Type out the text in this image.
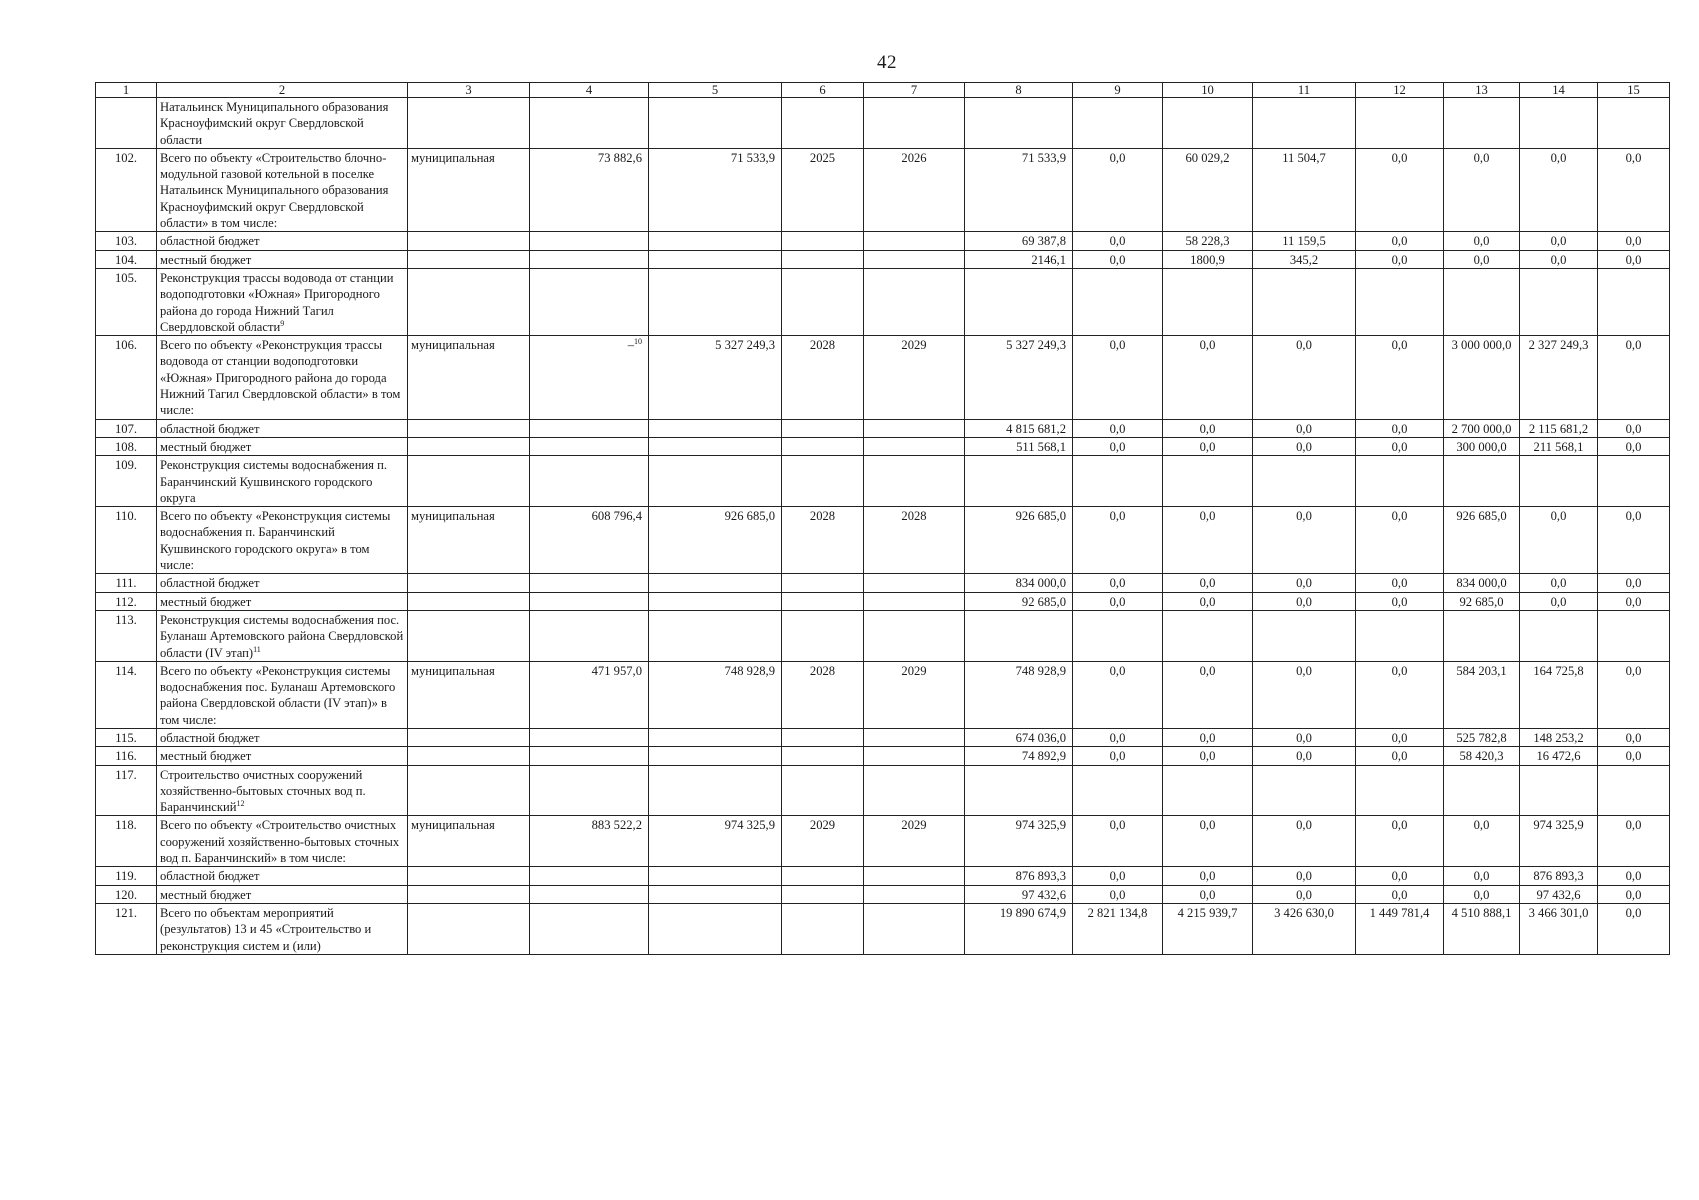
42
1	2	3	4	5	6	7	8	9	10	11	12	13	14	15
	Натальинск Муниципального образования Красноуфимский округ Свердловской области													
102.	Всего по объекту «Строительство блочно-модульной газовой котельной в поселке Натальинск Муниципального образования Красноуфимский округ Свердловской области» в том числе:	муниципальная	73 882,6	71 533,9	2025	2026	71 533,9	0,0	60 029,2	11 504,7	0,0	0,0	0,0	0,0
103.	областной бюджет						69 387,8	0,0	58 228,3	11 159,5	0,0	0,0	0,0	0,0
104.	местный бюджет						2146,1	0,0	1800,9	345,2	0,0	0,0	0,0	0,0
105.	Реконструкция трассы водовода от станции водоподготовки «Южная» Пригородного района до города Нижний Тагил Свердловской области$^9$													
106.	Всего по объекту «Реконструкция трассы водовода от станции водоподготовки «Южная» Пригородного района до города Нижний Тагил Свердловской области» в том числе:	муниципальная	–$^{10}$	5 327 249,3	2028	2029	5 327 249,3	0,0	0,0	0,0	0,0	3 000 000,0	2 327 249,3	0,0
107.	областной бюджет						4 815 681,2	0,0	0,0	0,0	0,0	2 700 000,0	2 115 681,2	0,0
108.	местный бюджет						511 568,1	0,0	0,0	0,0	0,0	300 000,0	211 568,1	0,0
109.	Реконструкция системы водоснабжения п. Баранчинский Кушвинского городского округа													
110.	Всего по объекту «Реконструкция системы водоснабжения п. Баранчинский Кушвинского городского округа» в том числе:	муниципальная	608 796,4	926 685,0	2028	2028	926 685,0	0,0	0,0	0,0	0,0	926 685,0	0,0	0,0
111.	областной бюджет						834 000,0	0,0	0,0	0,0	0,0	834 000,0	0,0	0,0
112.	местный бюджет						92 685,0	0,0	0,0	0,0	0,0	92 685,0	0,0	0,0
113.	Реконструкция системы водоснабжения пос. Буланаш Артемовского района Свердловской области (IV этап)$^{11}$													
114.	Всего по объекту «Реконструкция системы водоснабжения пос. Буланаш Артемовского района Свердловской области (IV этап)» в том числе:	муниципальная	471 957,0	748 928,9	2028	2029	748 928,9	0,0	0,0	0,0	0,0	584 203,1	164 725,8	0,0
115.	областной бюджет						674 036,0	0,0	0,0	0,0	0,0	525 782,8	148 253,2	0,0
116.	местный бюджет						74 892,9	0,0	0,0	0,0	0,0	58 420,3	16 472,6	0,0
117.	Строительство очистных сооружений хозяйственно-бытовых сточных вод п. Баранчинский$^{12}$													
118.	Всего по объекту «Строительство очистных сооружений хозяйственно-бытовых сточных вод п. Баранчинский» в том числе:	муниципальная	883 522,2	974 325,9	2029	2029	974 325,9	0,0	0,0	0,0	0,0	0,0	974 325,9	0,0
119.	областной бюджет						876 893,3	0,0	0,0	0,0	0,0	0,0	876 893,3	0,0
120.	местный бюджет						97 432,6	0,0	0,0	0,0	0,0	0,0	97 432,6	0,0
121.	Всего по объектам мероприятий (результатов) 13 и 45 «Строительство и реконструкция систем и (или)						19 890 674,9	2 821 134,8	4 215 939,7	3 426 630,0	1 449 781,4	4 510 888,1	3 466 301,0	0,0
